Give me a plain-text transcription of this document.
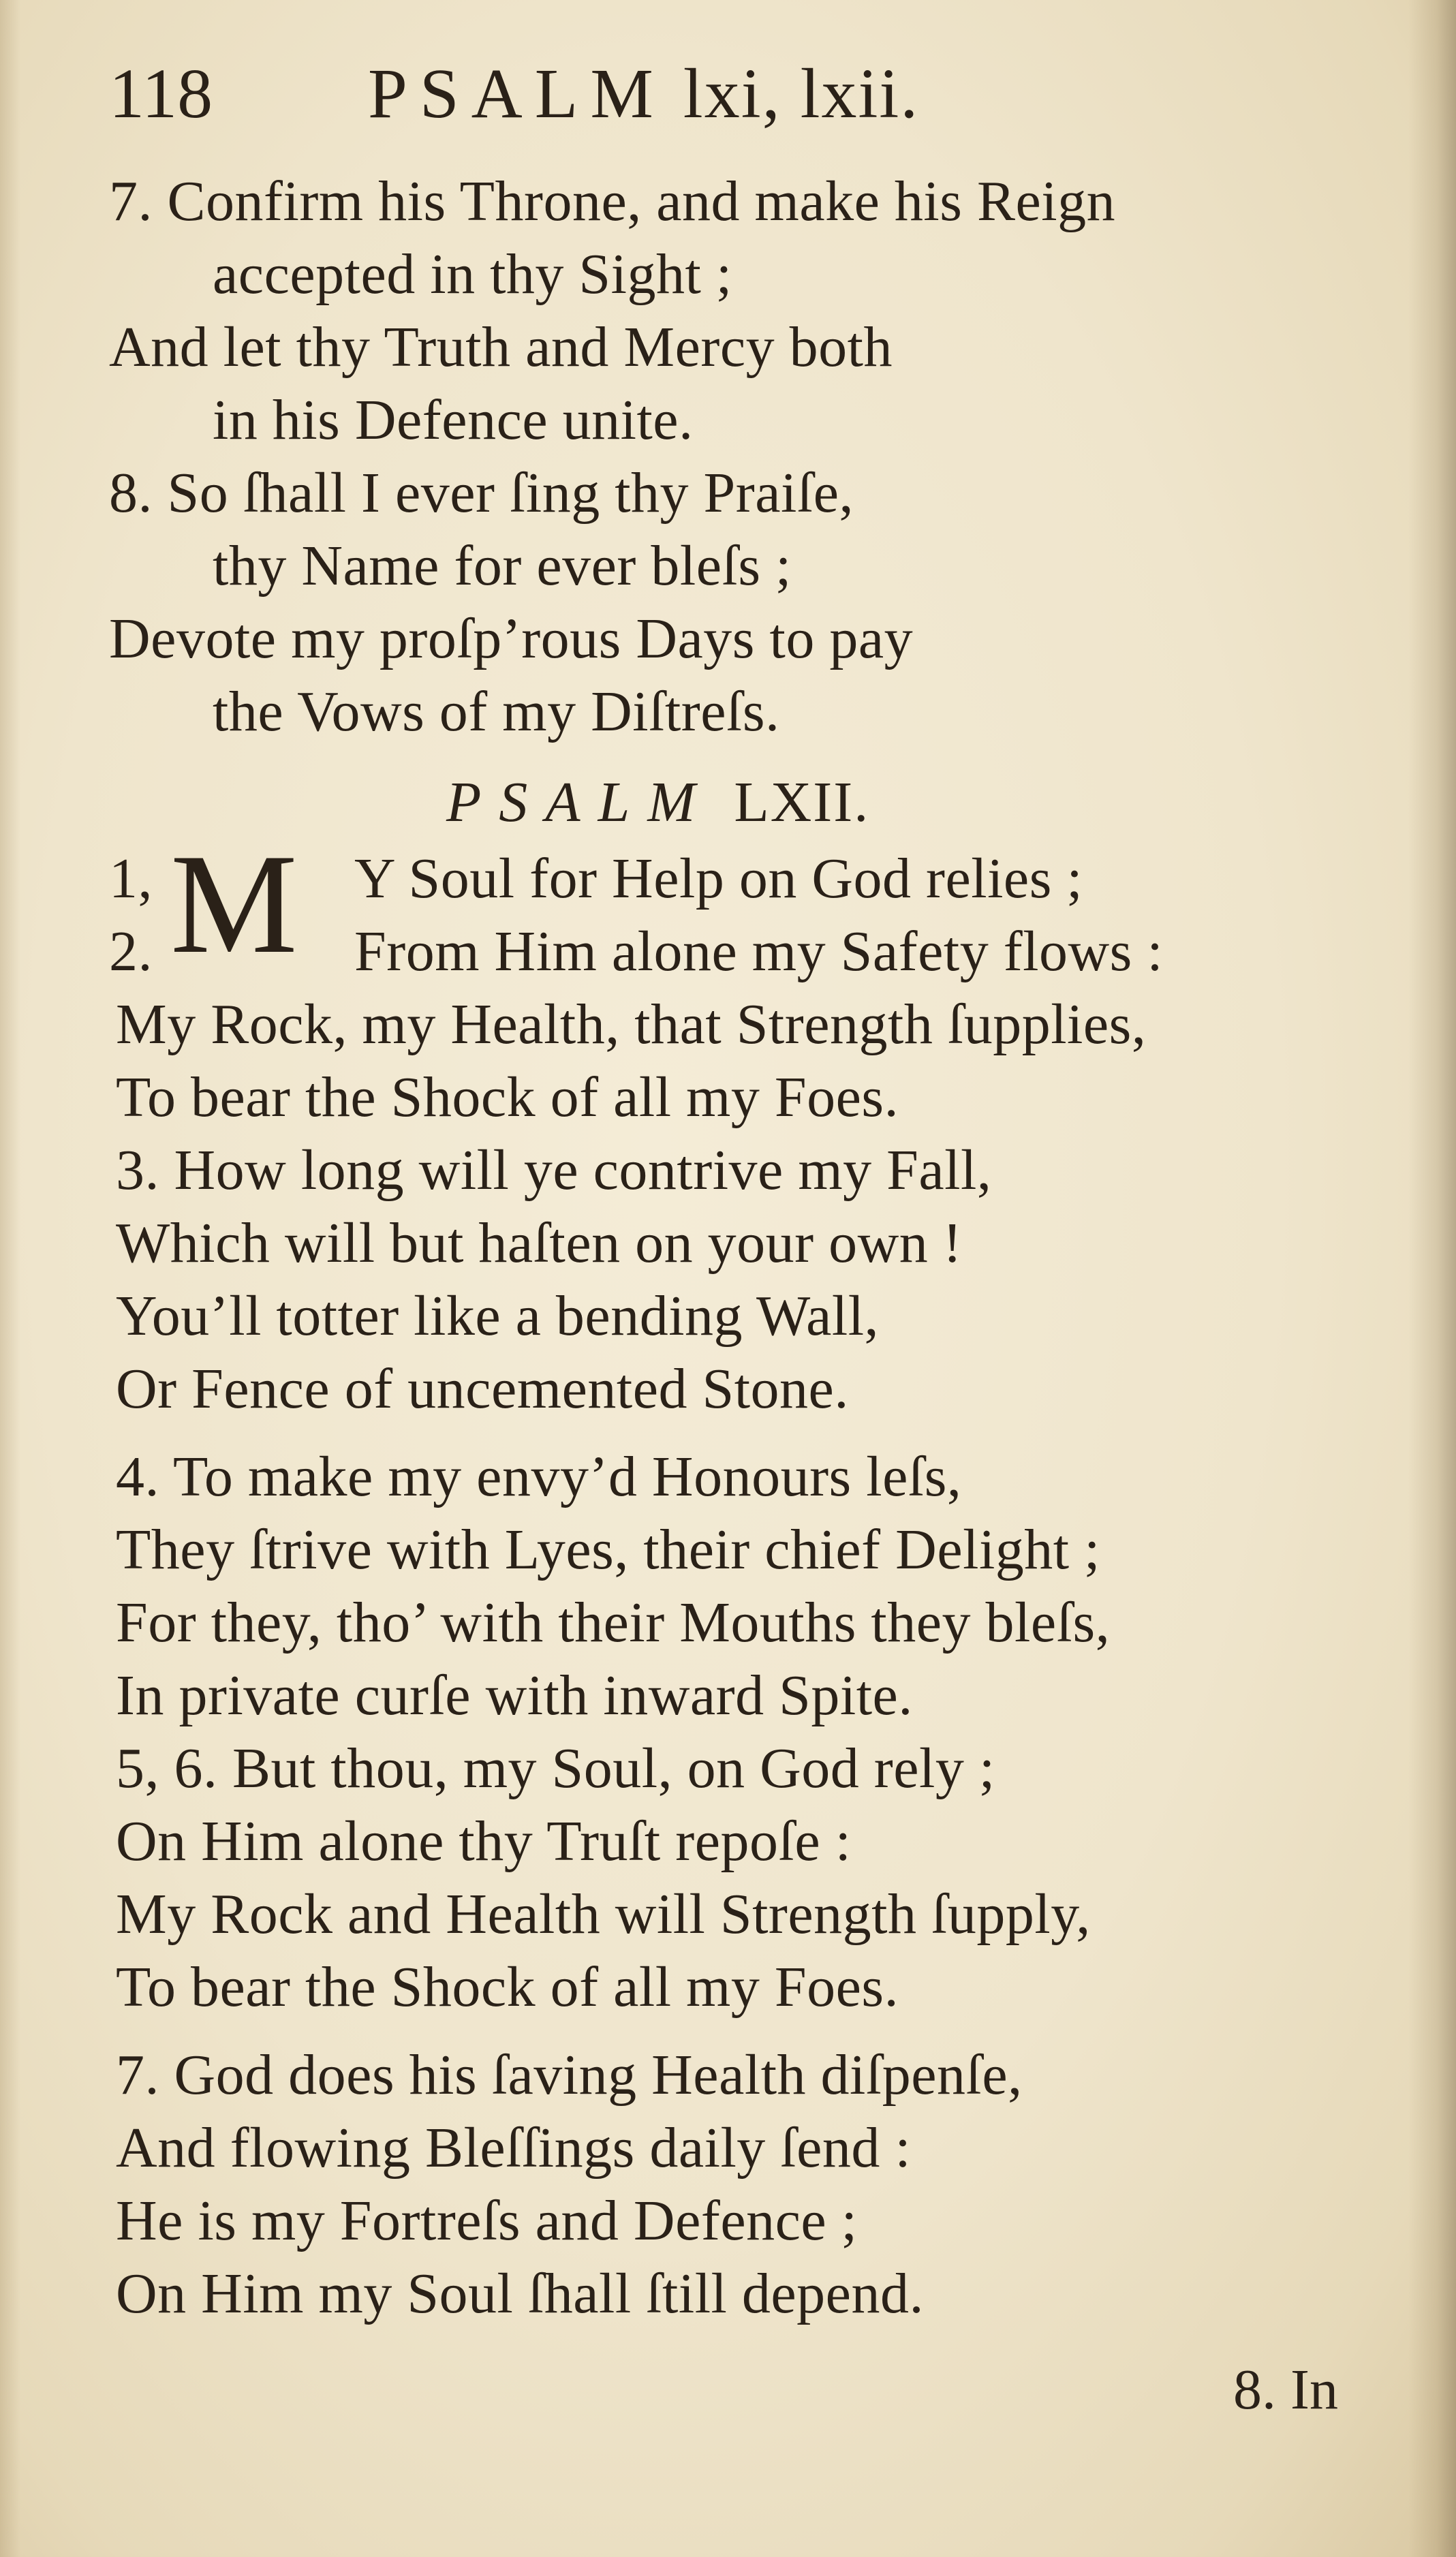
118 PSALM lxi, lxii.
7. Confirm his Throne, and make his Reign
accepted in thy Sight ;
And let thy Truth and Mercy both
in his Defence unite.
8. So ſhall I ever ſing thy Praiſe,
thy Name for ever bleſs ;
Devote my proſp’rous Days to pay
the Vows of my Diſtreſs.
PSALM LXII.
M
1,	Y Soul for Help on God relies ;
2.	From Him alone my Safety flows :
My Rock, my Health, that Strength ſupplies,
To bear the Shock of all my Foes.
3. How long will ye contrive my Fall,
Which will but haſten on your own !
You’ll totter like a bending Wall,
Or Fence of uncemented Stone.
4. To make my envy’d Honours leſs,
They ſtrive with Lyes, their chief Delight ;
For they, tho’ with their Mouths they bleſs,
In private curſe with inward Spite.
5, 6. But thou, my Soul, on God rely ;
On Him alone thy Truſt repoſe :
My Rock and Health will Strength ſupply,
To bear the Shock of all my Foes.
7. God does his ſaving Health diſpenſe,
And flowing Bleſſings daily ſend :
He is my Fortreſs and Defence ;
On Him my Soul ſhall ſtill depend.
8. In
